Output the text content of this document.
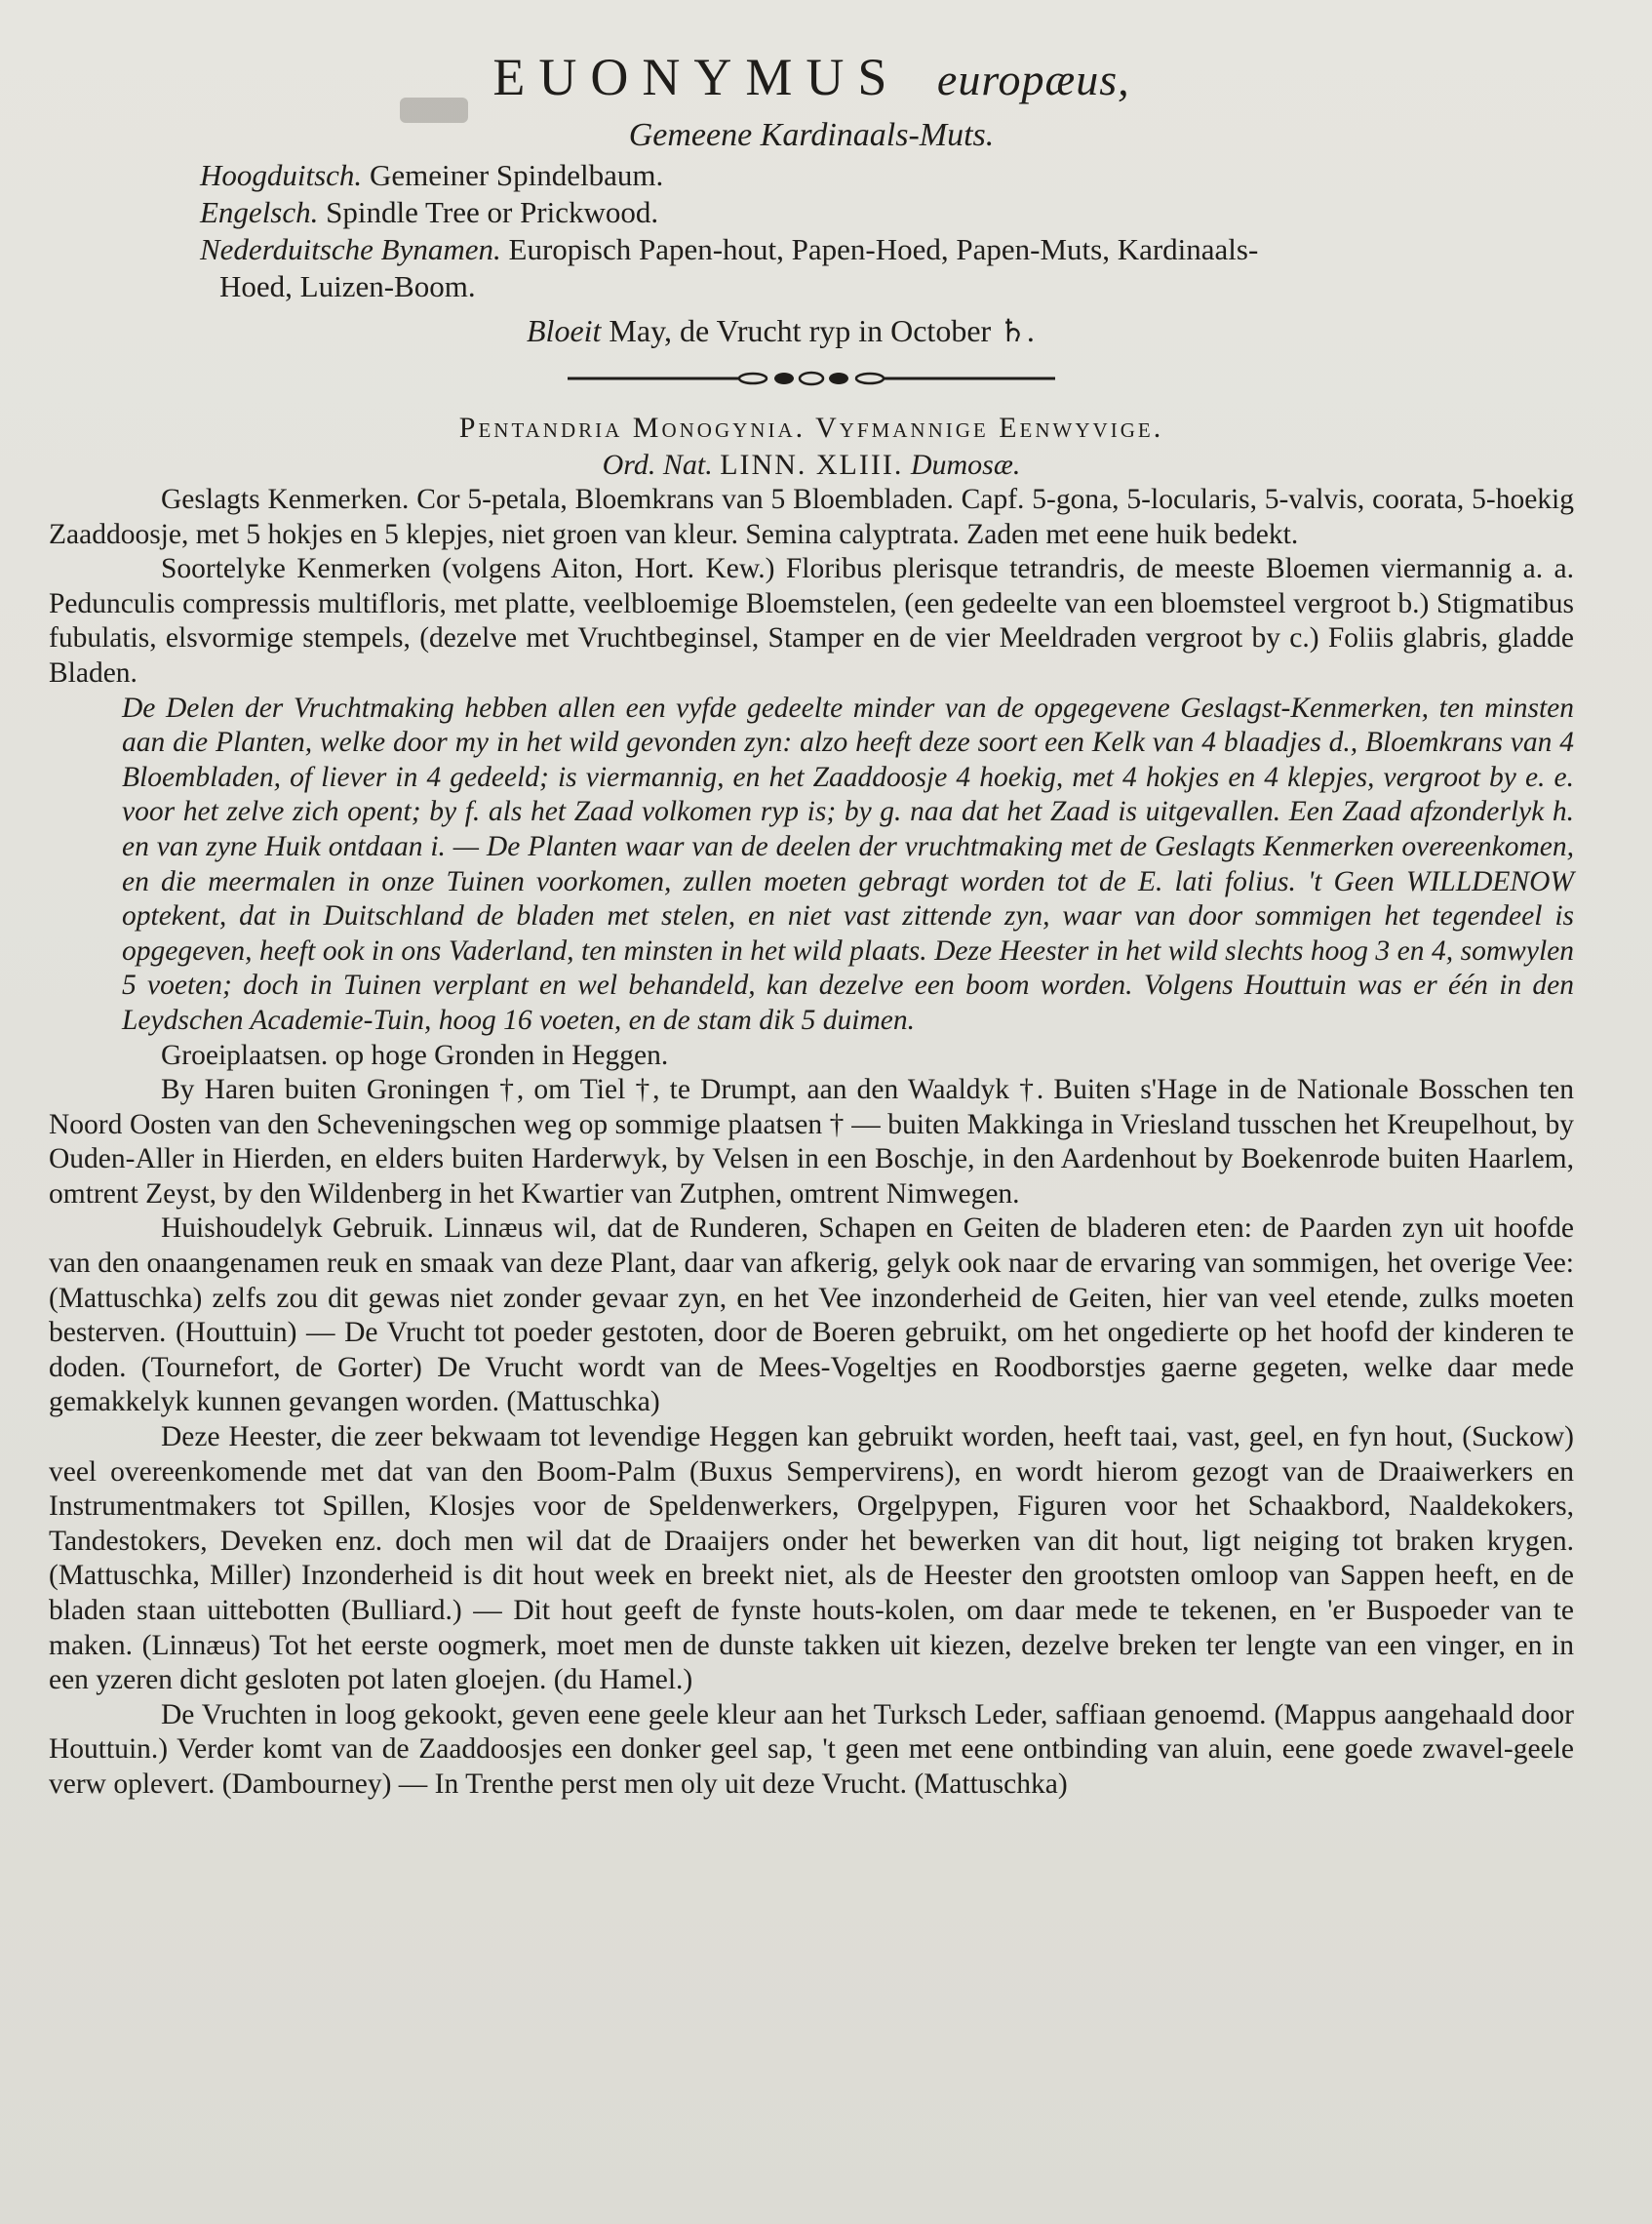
EUONYMUS europæus,

Gemeene Kardinaals-Muts.

Hoogduitsch. Gemeiner Spindelbaum.

Engelsch. Spindle Tree or Prickwood.

Nederduitsche Bynamen. Europisch Papen-hout, Papen-Hoed, Papen-Muts, Kardinaals-

Hoed, Luizen-Boom.

Bloeit May, de Vrucht ryp in October ♄.

Pentandria Monogynia. Vyfmannige Eenwyvige.
Ord. Nat. LINN. XLIII. Dumosæ.

Geslagts Kenmerken. Cor 5-petala, Bloemkrans van 5 Bloembladen. Capf. 5-gona, 5-locularis, 5-valvis, coorata, 5-hoekig Zaaddoosje, met 5 hokjes en 5 klepjes, niet groen van kleur. Semina calyptrata. Zaden met eene huik bedekt.

Soortelyke Kenmerken (volgens Aiton, Hort. Kew.) Floribus plerisque tetrandris, de meeste Bloemen viermannig a. a. Pedunculis compressis multifloris, met platte, veelbloemige Bloemstelen, (een gedeelte van een bloemsteel vergroot b.) Stigmatibus fubulatis, elsvormige stempels, (dezelve met Vruchtbeginsel, Stamper en de vier Meeldraden vergroot by c.) Foliis glabris, gladde Bladen.

De Delen der Vruchtmaking hebben allen een vyfde gedeelte minder van de opgegevene Geslagst-Kenmerken, ten minsten aan die Planten, welke door my in het wild gevonden zyn: alzo heeft deze soort een Kelk van 4 blaadjes d., Bloemkrans van 4 Bloembladen, of liever in 4 gedeeld; is viermannig, en het Zaaddoosje 4 hoekig, met 4 hokjes en 4 klepjes, vergroot by e. e. voor het zelve zich opent; by f. als het Zaad volkomen ryp is; by g. naa dat het Zaad is uitgevallen. Een Zaad afzonderlyk h. en van zyne Huik ontdaan i. — De Planten waar van de deelen der vruchtmaking met de Geslagts Kenmerken overeenkomen, en die meermalen in onze Tuinen voorkomen, zullen moeten gebragt worden tot de E. lati folius. 't Geen WILLDENOW optekent, dat in Duitschland de bladen met stelen, en niet vast zittende zyn, waar van door sommigen het tegendeel is opgegeven, heeft ook in ons Vaderland, ten minsten in het wild plaats. Deze Heester in het wild slechts hoog 3 en 4, somwylen 5 voeten; doch in Tuinen verplant en wel behandeld, kan dezelve een boom worden. Volgens Houttuin was er één in den Leydschen Academie-Tuin, hoog 16 voeten, en de stam dik 5 duimen.

Groeiplaatsen. op hoge Gronden in Heggen.

By Haren buiten Groningen †, om Tiel †, te Drumpt, aan den Waaldyk †. Buiten s'Hage in de Nationale Bosschen ten Noord Oosten van den Scheveningschen weg op sommige plaatsen † — buiten Makkinga in Vriesland tusschen het Kreupelhout, by Ouden-Aller in Hierden, en elders buiten Harderwyk, by Velsen in een Boschje, in den Aardenhout by Boekenrode buiten Haarlem, omtrent Zeyst, by den Wildenberg in het Kwartier van Zutphen, omtrent Nimwegen.

Huishoudelyk Gebruik. Linnæus wil, dat de Runderen, Schapen en Geiten de bladeren eten: de Paarden zyn uit hoofde van den onaangenamen reuk en smaak van deze Plant, daar van afkerig, gelyk ook naar de ervaring van sommigen, het overige Vee: (Mattuschka) zelfs zou dit gewas niet zonder gevaar zyn, en het Vee inzonderheid de Geiten, hier van veel etende, zulks moeten besterven. (Houttuin) — De Vrucht tot poeder gestoten, door de Boeren gebruikt, om het ongedierte op het hoofd der kinderen te doden. (Tournefort, de Gorter) De Vrucht wordt van de Mees-Vogeltjes en Roodborstjes gaerne gegeten, welke daar mede gemakkelyk kunnen gevangen worden. (Mattuschka)

Deze Heester, die zeer bekwaam tot levendige Heggen kan gebruikt worden, heeft taai, vast, geel, en fyn hout, (Suckow) veel overeenkomende met dat van den Boom-Palm (Buxus Sempervirens), en wordt hierom gezogt van de Draaiwerkers en Instrumentmakers tot Spillen, Klosjes voor de Speldenwerkers, Orgelpypen, Figuren voor het Schaakbord, Naaldekokers, Tandestokers, Deveken enz. doch men wil dat de Draaijers onder het bewerken van dit hout, ligt neiging tot braken krygen. (Mattuschka, Miller) Inzonderheid is dit hout week en breekt niet, als de Heester den grootsten omloop van Sappen heeft, en de bladen staan uittebotten (Bulliard.) — Dit hout geeft de fynste houts-kolen, om daar mede te tekenen, en 'er Buspoeder van te maken. (Linnæus) Tot het eerste oogmerk, moet men de dunste takken uit kiezen, dezelve breken ter lengte van een vinger, en in een yzeren dicht gesloten pot laten gloejen. (du Hamel.)

De Vruchten in loog gekookt, geven eene geele kleur aan het Turksch Leder, saffiaan genoemd. (Mappus aangehaald door Houttuin.) Verder komt van de Zaaddoosjes een donker geel sap, 't geen met eene ontbinding van aluin, eene goede zwavel-geele verw oplevert. (Dambourney) — In Trenthe perst men oly uit deze Vrucht. (Mattuschka)
